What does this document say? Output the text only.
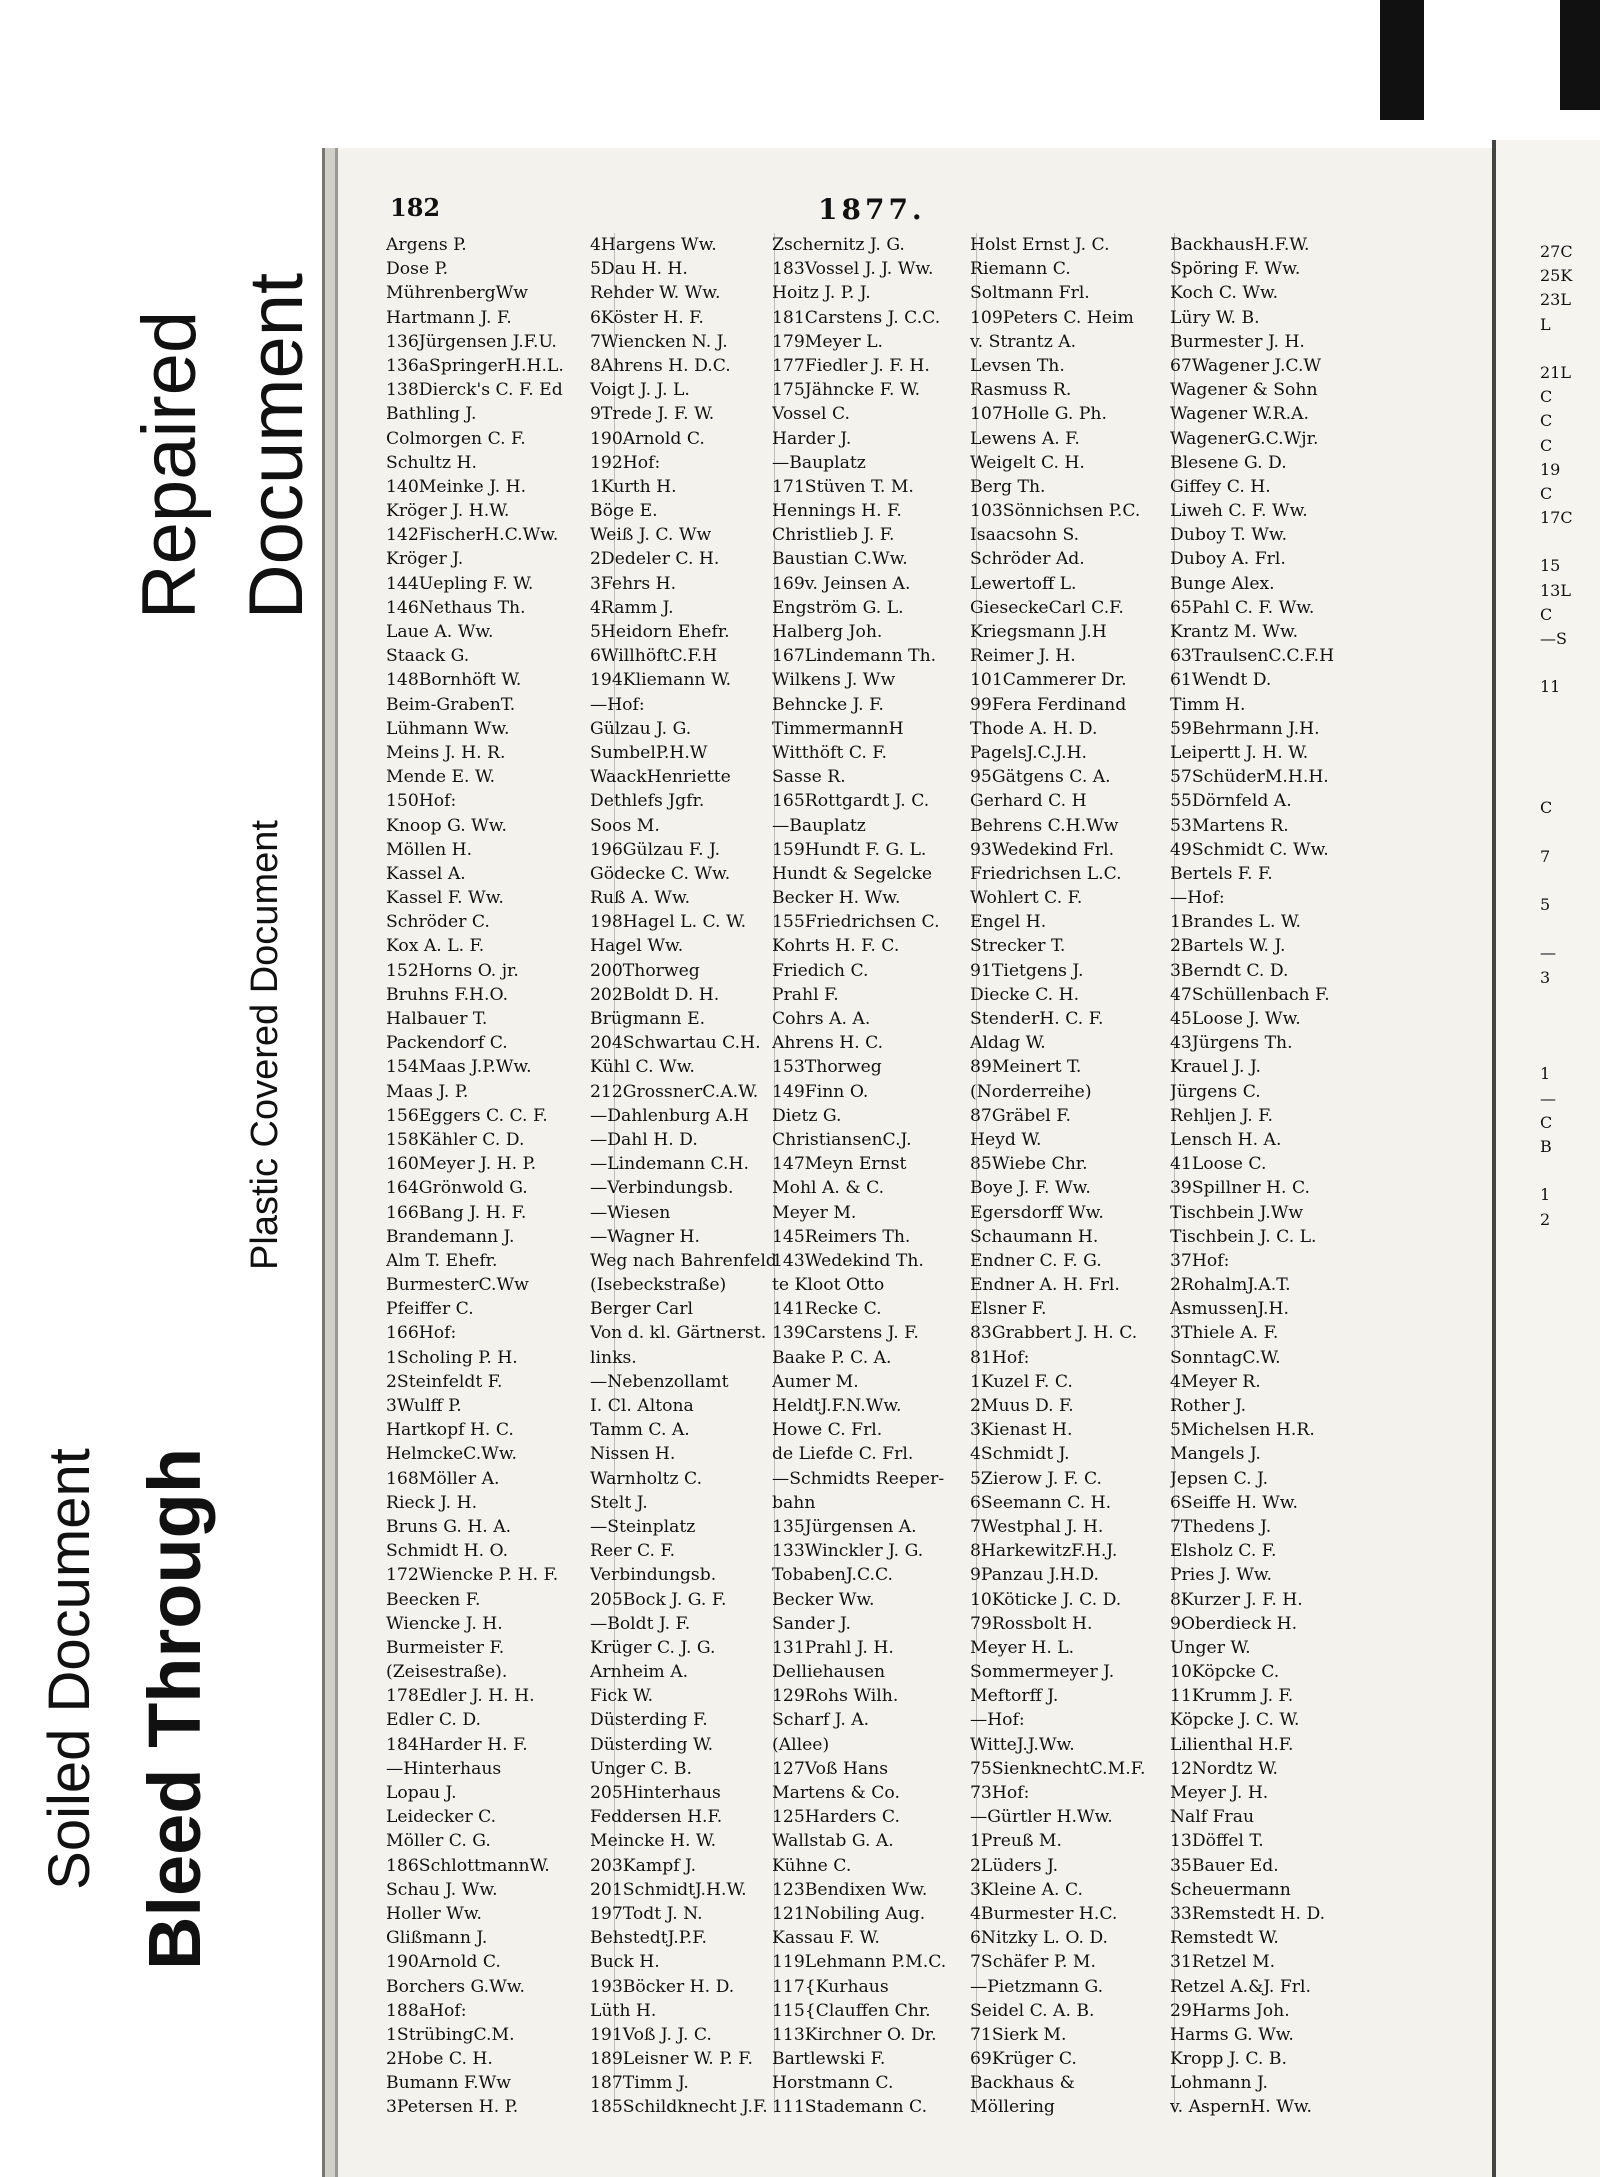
Soiled Document Bleed Through
Repaired Document
Plastic Covered Document
182	1877.
Argens P.
Dose P.
MührenbergWw
Hartmann J. F.
136Jürgensen J.F.U.
136aSpringerH.H.L.
138Dierck's C. F. Ed
Bathling J.
Colmorgen C. F.
Schultz H.
140Meinke J. H.
Kröger J. H.W.
142FischerH.C.Ww.
Kröger J.
144Uepling F. W.
146Nethaus Th.
Laue A. Ww.
Staack G.
148Bornhöft W.
Beim-GrabenT.
Lühmann Ww.
Meins J. H. R.
Mende E. W.
150Hof:
Knoop G. Ww.
Möllen H.
Kassel A.
Kassel F. Ww.
Schröder C.
Kox A. L. F.
152Horns O. jr.
Bruhns F.H.O.
Halbauer T.
Packendorf C.
154Maas J.P.Ww.
Maas J. P.
156Eggers C. C. F.
158Kähler C. D.
160Meyer J. H. P.
164Grönwold G.
166Bang J. H. F.
Brandemann J.
Alm T. Ehefr.
BurmesterC.Ww
Pfeiffer C.
166Hof:
1Scholing P. H.
2Steinfeldt F.
3Wulff P.
Hartkopf H. C.
HelmckeC.Ww.
168Möller A.
Rieck J. H.
Bruns G. H. A.
Schmidt H. O.
172Wiencke P. H. F.
Beecken F.
Wiencke J. H.
Burmeister F.
(Zeisestraße).
178Edler J. H. H.
Edler C. D.
184Harder H. F.
—Hinterhaus
Lopau J.
Leidecker C.
Möller C. G.
186SchlottmannW.
Schau J. Ww.
Holler Ww.
Glißmann J.
190Arnold C.
Borchers G.Ww.
188aHof:
1StrübingC.M.
2Hobe C. H.
Bumann F.Ww
3Petersen H. P.
4Hargens Ww.
5Dau H. H.
Rehder W. Ww.
6Köster H. F.
7Wiencken N. J.
8Ahrens H. D.C.
Voigt J. J. L.
9Trede J. F. W.
190Arnold C.
192Hof:
1Kurth H.
Böge E.
Weiß J. C. Ww
2Dedeler C. H.
3Fehrs H.
4Ramm J.
5Heidorn Ehefr.
6WillhöftC.F.H
194Kliemann W.
—Hof:
Gülzau J. G.
SumbelP.H.W
WaackHenriette
Dethlefs Jgfr.
Soos M.
196Gülzau F. J.
Gödecke C. Ww.
Ruß A. Ww.
198Hagel L. C. W.
Hagel Ww.
200Thorweg
202Boldt D. H.
Brügmann E.
204Schwartau C.H.
Kühl C. Ww.
212GrossnerC.A.W.
—Dahlenburg A.H
—Dahl H. D.
—Lindemann C.H.
—Verbindungsb.
—Wiesen
—Wagner H.
Weg nach Bahrenfeld
(Isebeckstraße)
Berger Carl
Von d. kl. Gärtnerst.
links.
—Nebenzollamt
I. Cl. Altona
Tamm C. A.
Nissen H.
Warnholtz C.
Stelt J.
—Steinplatz
Reer C. F.
Verbindungsb.
205Bock J. G. F.
—Boldt J. F.
Krüger C. J. G.
Arnheim A.
Fick W.
Düsterding F.
Düsterding W.
Unger C. B.
205Hinterhaus
Feddersen H.F.
Meincke H. W.
203Kampf J.
201SchmidtJ.H.W.
197Todt J. N.
BehstedtJ.P.F.
Buck H.
193Böcker H. D.
Lüth H.
191Voß J. J. C.
189Leisner W. P. F.
187Timm J.
185Schildknecht J.F.
Zschernitz J. G.
183Vossel J. J. Ww.
Hoitz J. P. J.
181Carstens J. C.C.
179Meyer L.
177Fiedler J. F. H.
175Jähncke F. W.
Vossel C.
Harder J.
—Bauplatz
171Stüven T. M.
Hennings H. F.
Christlieb J. F.
Baustian C.Ww.
169v. Jeinsen A.
Engström G. L.
Halberg Joh.
167Lindemann Th.
Wilkens J. Ww
Behncke J. F.
TimmermannH
Witthöft C. F.
Sasse R.
165Rottgardt J. C.
—Bauplatz
159Hundt F. G. L.
Hundt & Segelcke
Becker H. Ww.
155Friedrichsen C.
Kohrts H. F. C.
Friedich C.
Prahl F.
Cohrs A. A.
Ahrens H. C.
153Thorweg
149Finn O.
Dietz G.
ChristiansenC.J.
147Meyn Ernst
Mohl A. & C.
Meyer M.
145Reimers Th.
143Wedekind Th.
te Kloot Otto
141Recke C.
139Carstens J. F.
Baake P. C. A.
Aumer M.
HeldtJ.F.N.Ww.
Howe C. Frl.
de Liefde C. Frl.
—Schmidts Reeper-
bahn
135Jürgensen A.
133Winckler J. G.
TobabenJ.C.C.
Becker Ww.
Sander J.
131Prahl J. H.
Delliehausen
129Rohs Wilh.
Scharf J. A.
(Allee)
127Voß Hans
Martens & Co.
125Harders C.
Wallstab G. A.
Kühne C.
123Bendixen Ww.
121Nobiling Aug.
Kassau F. W.
119Lehmann P.M.C.
117{Kurhaus
115{Clauffen Chr.
113Kirchner O. Dr.
Bartlewski F.
Horstmann C.
111Stademann C.
Holst Ernst J. C.
Riemann C.
Soltmann Frl.
109Peters C. Heim
v. Strantz A.
Levsen Th.
Rasmuss R.
107Holle G. Ph.
Lewens A. F.
Weigelt C. H.
Berg Th.
103Sönnichsen P.C.
Isaacsohn S.
Schröder Ad.
Lewertoff L.
GieseckeCarl C.F.
Kriegsmann J.H
Reimer J. H.
101Cammerer Dr.
99Fera Ferdinand
Thode A. H. D.
PagelsJ.C.J.H.
95Gätgens C. A.
Gerhard C. H
Behrens C.H.Ww
93Wedekind Frl.
Friedrichsen L.C.
Wohlert C. F.
Engel H.
Strecker T.
91Tietgens J.
Diecke C. H.
StenderH. C. F.
Aldag W.
89Meinert T.
(Norderreihe)
87Gräbel F.
Heyd W.
85Wiebe Chr.
Boye J. F. Ww.
Egersdorff Ww.
Schaumann H.
Endner C. F. G.
Endner A. H. Frl.
Elsner F.
83Grabbert J. H. C.
81Hof:
1Kuzel F. C.
2Muus D. F.
3Kienast H.
4Schmidt J.
5Zierow J. F. C.
6Seemann C. H.
7Westphal J. H.
8HarkewitzF.H.J.
9Panzau J.H.D.
10Köticke J. C. D.
79Rossbolt H.
Meyer H. L.
Sommermeyer J.
Meftorff J.
—Hof:
WitteJ.J.Ww.
75SienknechtC.M.F.
73Hof:
—Gürtler H.Ww.
1Preuß M.
2Lüders J.
3Kleine A. C.
4Burmester H.C.
6Nitzky L. O. D.
7Schäfer P. M.
—Pietzmann G.
Seidel C. A. B.
71Sierk M.
69Krüger C.
Backhaus &
Möllering
BackhausH.F.W.
Spöring F. Ww.
Koch C. Ww.
Lüry W. B.
Burmester J. H.
67Wagener J.C.W
Wagener & Sohn
Wagener W.R.A.
WagenerG.C.Wjr.
Blesene G. D.
Giffey C. H.
Liweh C. F. Ww.
Duboy T. Ww.
Duboy A. Frl.
Bunge Alex.
65Pahl C. F. Ww.
Krantz M. Ww.
63TraulsenC.C.F.H
61Wendt D.
Timm H.
59Behrmann J.H.
Leipertt J. H. W.
57SchüderM.H.H.
55Dörnfeld A.
53Martens R.
49Schmidt C. Ww.
Bertels F. F.
—Hof:
1Brandes L. W.
2Bartels W. J.
3Berndt C. D.
47Schüllenbach F.
45Loose J. Ww.
43Jürgens Th.
Krauel J. J.
Jürgens C.
Rehljen J. F.
Lensch H. A.
41Loose C.
39Spillner H. C.
Tischbein J.Ww
Tischbein J. C. L.
37Hof:
2RohalmJ.A.T.
AsmussenJ.H.
3Thiele A. F.
SonntagC.W.
4Meyer R.
Rother J.
5Michelsen H.R.
Mangels J.
Jepsen C. J.
6Seiffe H. Ww.
7Thedens J.
Elsholz C. F.
Pries J. Ww.
8Kurzer J. F. H.
9Oberdieck H.
Unger W.
10Köpcke C.
11Krumm J. F.
Köpcke J. C. W.
Lilienthal H.F.
12Nordtz W.
Meyer J. H.
Nalf Frau
13Döffel T.
35Bauer Ed.
Scheuermann
33Remstedt H. D.
Remstedt W.
31Retzel M.
Retzel A.&J. Frl.
29Harms Joh.
Harms G. Ww.
Kropp J. C. B.
Lohmann J.
v. AspernH. Ww.
27C
25K
23L
L
21L
C
C
C
19
C
17C
15
13L
C
—S
11
C
7
5
—
3
1
—
C
B
1
2
